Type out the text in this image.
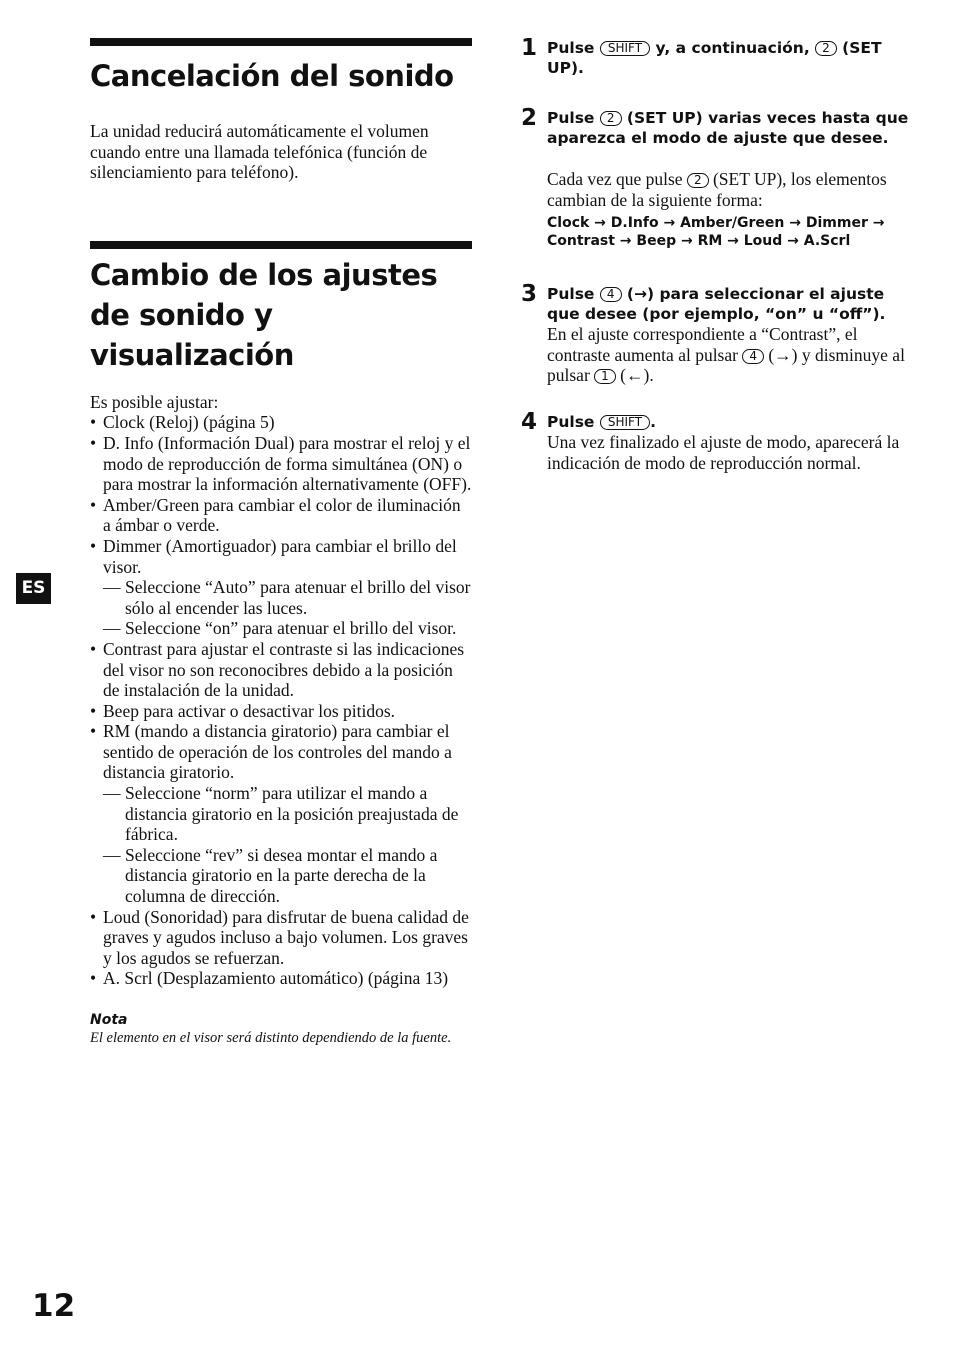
Cancelación del sonido

La unidad reducirá automáticamente el volumen cuando entre una llamada telefónica (función de silenciamiento para teléfono).

Cambio de los ajustes de sonido y visualización

Es posible ajustar:

• Clock (Reloj) (página 5)
• D. Info (Información Dual) para mostrar el reloj y el modo de reproducción de forma simultánea (ON) o para mostrar la información alternativamente (OFF).
• Amber/Green para cambiar el color de iluminación a ámbar o verde.
• Dimmer (Amortiguador) para cambiar el brillo del visor.
— Seleccione “Auto” para atenuar el brillo del visor sólo al encender las luces.
— Seleccione “on” para atenuar el brillo del visor.
• Contrast para ajustar el contraste si las indicaciones del visor no son reconocibres debido a la posición de instalación de la unidad.
• Beep para activar o desactivar los pitidos.
• RM (mando a distancia giratorio) para cambiar el sentido de operación de los controles del mando a distancia giratorio.
— Seleccione “norm” para utilizar el mando a distancia giratorio en la posición preajustada de fábrica.
— Seleccione “rev” si desea montar el mando a distancia giratorio en la parte derecha de la columna de dirección.
• Loud (Sonoridad) para disfrutar de buena calidad de graves y agudos incluso a bajo volumen. Los graves y los agudos se refuerzan.
• A. Scrl (Desplazamiento automático) (página 13)
Nota
El elemento en el visor será distinto dependiendo de la fuente.
1 Pulse SHIFT y, a continuación, 2 (SET UP).
2 Pulse 2 (SET UP) varias veces hasta que aparezca el modo de ajuste que desee.
Cada vez que pulse 2 (SET UP), los elementos cambian de la siguiente forma:
Clock → D.Info → Amber/Green → Dimmer →
Contrast → Beep → RM → Loud → A.Scrl
3 Pulse 4 (→) para seleccionar el ajuste que desee (por ejemplo, “on” u “off”).
En el ajuste correspondiente a “Contrast”, el contraste aumenta al pulsar 4 (→) y disminuye al pulsar 1 (←).
4 Pulse SHIFT .
Una vez finalizado el ajuste de modo, aparecerá la indicación de modo de reproducción normal.
ES
12
